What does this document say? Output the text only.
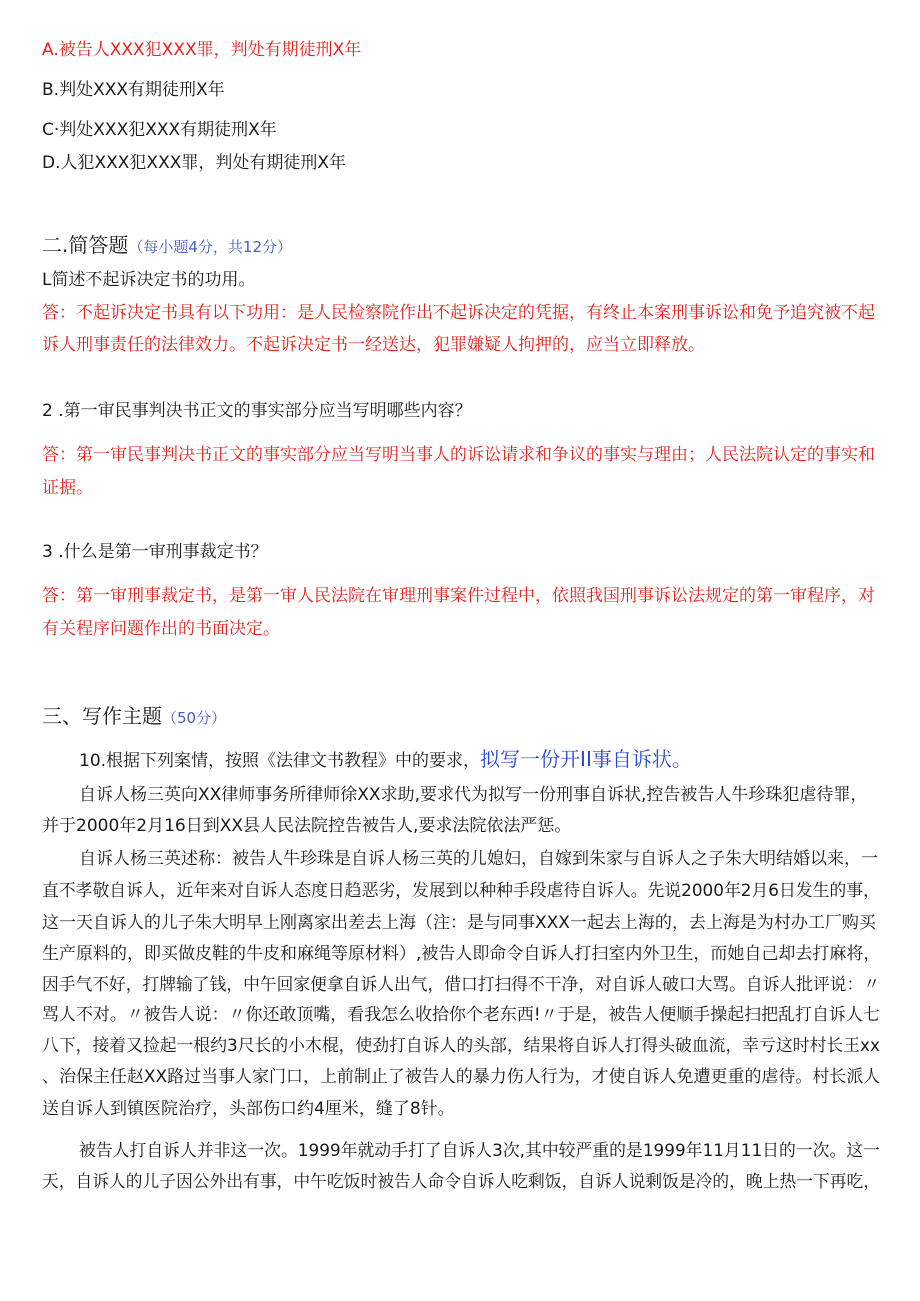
A.被告人XXX犯XXX罪，判处有期徒刑X年
B.判处XXX有期徒刑X年
C·判处XXX犯XXX有期徒刑X年
D.人犯XXX犯XXX罪，判处有期徒刑X年
二.简答题（每小题4分，共12分）
L简述不起诉决定书的功用。
答：不起诉决定书具有以下功用：是人民检察院作出不起诉决定的凭据，有终止本案刑事诉讼和免予追究被不起
诉人刑事责任的法律效力。不起诉决定书一经送达，犯罪嫌疑人拘押的，应当立即释放。
2 .第一审民事判决书正文的事实部分应当写明哪些内容？
答：第一审民事判决书正文的事实部分应当写明当事人的诉讼请求和争议的事实与理由；人民法院认定的事实和
证据。
3 .什么是第一审刑事裁定书？
答：第一审刑事裁定书，是第一审人民法院在审理刑事案件过程中，依照我国刑事诉讼法规定的第一审程序，对
有关程序问题作出的书面决定。
三、写作主题（50分）
10.根据下列案情，按照《法律文书教程》中的要求，拟写一份开II事自诉状。
自诉人杨三英向XX律师事务所律师徐XX求助,要求代为拟写一份刑事自诉状,控告被告人牛珍珠犯虐待罪，
并于2000年2月16日到XX县人民法院控告被告人,要求法院依法严惩。
自诉人杨三英述称：被告人牛珍珠是自诉人杨三英的儿媳妇，自嫁到朱家与自诉人之子朱大明结婚以来，一
直不孝敬自诉人，近年来对自诉人态度日趋恶劣，发展到以种种手段虐待自诉人。先说2000年2月6日发生的事，
这一天自诉人的儿子朱大明早上刚离家出差去上海（注：是与同事XXX一起去上海的，去上海是为村办工厂购买
生产原料的，即买做皮鞋的牛皮和麻绳等原材料）,被告人即命令自诉人打扫室内外卫生，而她自己却去打麻将，
因手气不好，打牌输了钱，中午回家便拿自诉人出气，借口打扫得不干净，对自诉人破口大骂。自诉人批评说：〃
骂人不对。〃被告人说：〃你还敢顶嘴，看我怎么收拾你个老东西!〃于是，被告人便顺手操起扫把乱打自诉人七
八下，接着又捡起一根约3尺长的小木棍，使劲打自诉人的头部，结果将自诉人打得头破血流，幸亏这时村长王xx
、治保主任赵XX路过当事人家门口，上前制止了被告人的暴力伤人行为，才使自诉人免遭更重的虐待。村长派人
送自诉人到镇医院治疗，头部伤口约4厘米，缝了8针。
被告人打自诉人并非这一次。1999年就动手打了自诉人3次,其中较严重的是1999年11月11日的一次。这一
天，自诉人的儿子因公外出有事，中午吃饭时被告人命令自诉人吃剩饭，自诉人说剩饭是冷的，晚上热一下再吃，
